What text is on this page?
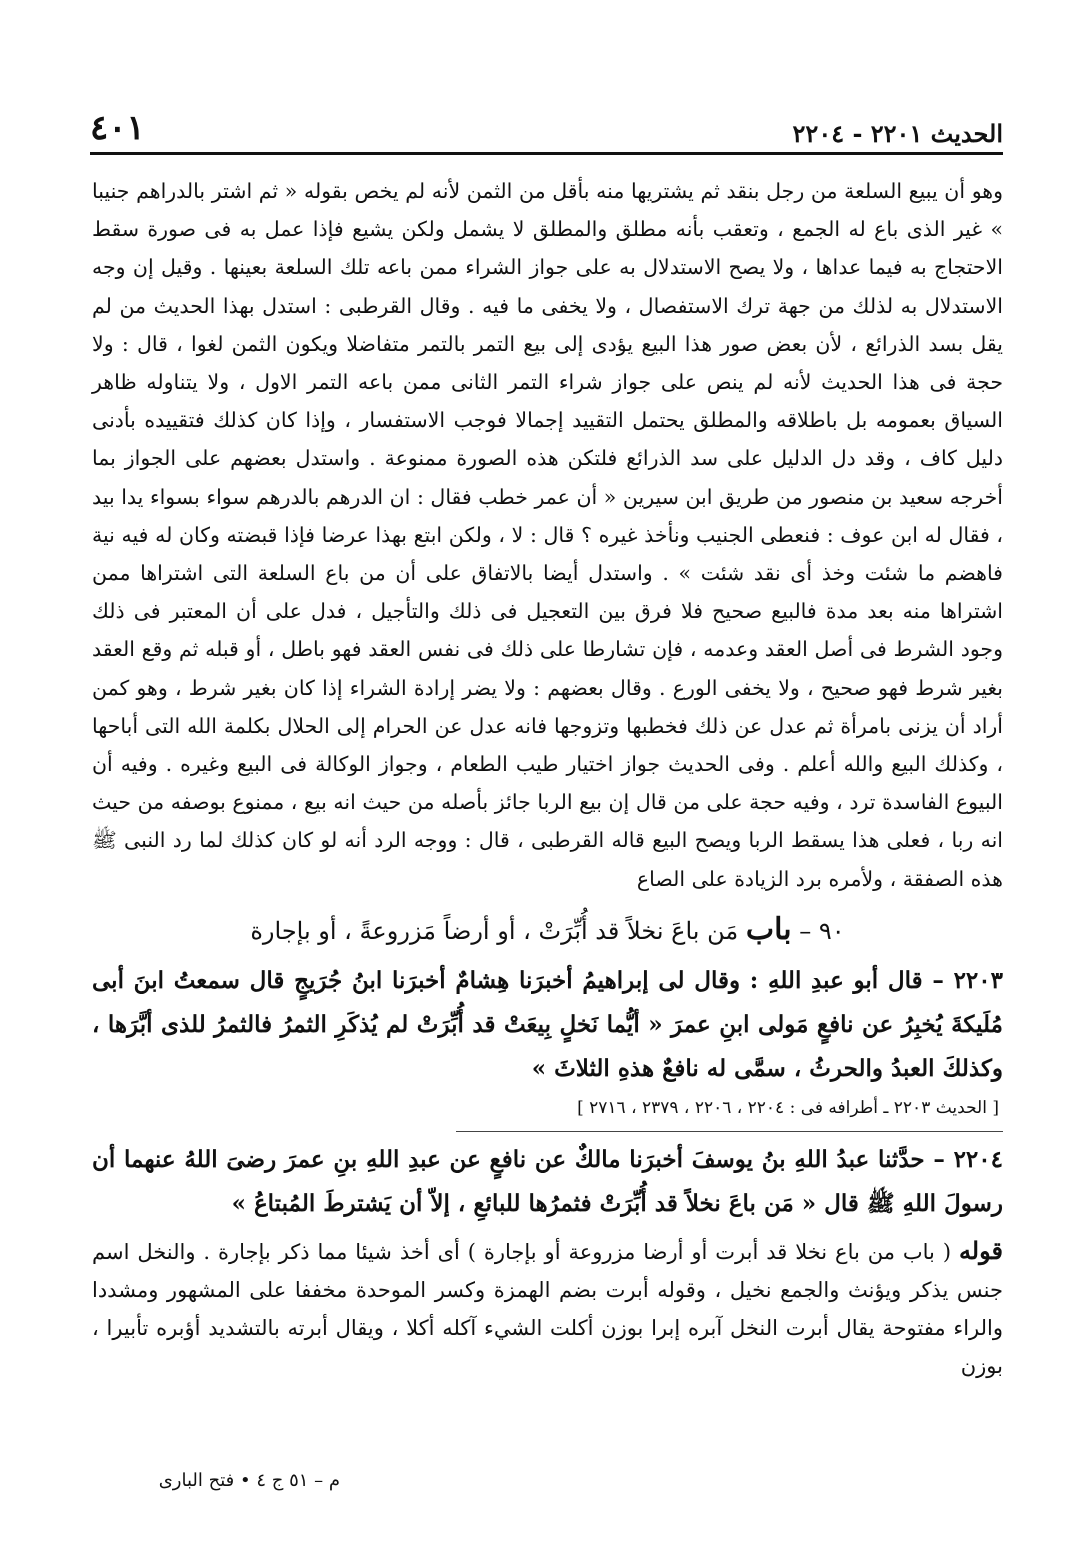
الحديث ٢٢٠١ - ٢٢٠٤
٤٠١

وهو أن يبيع السلعة من رجل بنقد ثم يشتريها منه بأقل من الثمن لأنه لم يخص بقوله « ثم اشتر بالدراهم جنيبا » غير الذى باع له الجمع ، وتعقب بأنه مطلق والمطلق لا يشمل ولكن يشيع فإذا عمل به فى صورة سقط الاحتجاج به فيما عداها ، ولا يصح الاستدلال به على جواز الشراء ممن باعه تلك السلعة بعينها . وقيل إن وجه الاستدلال به لذلك من جهة ترك الاستفصال ، ولا يخفى ما فيه . وقال القرطبى : استدل بهذا الحديث من لم يقل بسد الذرائع ، لأن بعض صور هذا البيع يؤدى إلى بيع التمر بالتمر متفاضلا ويكون الثمن لغوا ، قال : ولا حجة فى هذا الحديث لأنه لم ينص على جواز شراء التمر الثانى ممن باعه التمر الاول ، ولا يتناوله ظاهر السياق بعمومه بل باطلاقه والمطلق يحتمل التقييد إجمالا فوجب الاستفسار ، وإذا كان كذلك فتقييده بأدنى دليل كاف ، وقد دل الدليل على سد الذرائع فلتكن هذه الصورة ممنوعة . واستدل بعضهم على الجواز بما أخرجه سعيد بن منصور من طريق ابن سيرين « أن عمر خطب فقال : ان الدرهم بالدرهم سواء بسواء يدا بيد ، فقال له ابن عوف : فنعطى الجنيب ونأخذ غيره ؟ قال : لا ، ولكن ابتع بهذا عرضا فإذا قبضته وكان له فيه نية فاهضم ما شئت وخذ أى نقد شئت » . واستدل أيضا بالاتفاق على أن من باع السلعة التى اشتراها ممن اشتراها منه بعد مدة فالبيع صحيح فلا فرق بين التعجيل فى ذلك والتأجيل ، فدل على أن المعتبر فى ذلك وجود الشرط فى أصل العقد وعدمه ، فإن تشارطا على ذلك فى نفس العقد فهو باطل ، أو قبله ثم وقع العقد بغير شرط فهو صحيح ، ولا يخفى الورع . وقال بعضهم : ولا يضر إرادة الشراء إذا كان بغير شرط ، وهو كمن أراد أن يزنى بامرأة ثم عدل عن ذلك فخطبها وتزوجها فانه عدل عن الحرام إلى الحلال بكلمة الله التى أباحها ، وكذلك البيع والله أعلم . وفى الحديث جواز اختيار طيب الطعام ، وجواز الوكالة فى البيع وغيره . وفيه أن البيوع الفاسدة ترد ، وفيه حجة على من قال إن بيع الربا جائز بأصله من حيث انه بيع ، ممنوع بوصفه من حيث انه ربا ، فعلى هذا يسقط الربا ويصح البيع قاله القرطبى ، قال : ووجه الرد أنه لو كان كذلك لما رد النبى ﷺ هذه الصفقة ، ولأمره برد الزيادة على الصاع

٩٠ – باب مَن باعَ نخلاً قد أُبِّرَتْ ، أو أرضاً مَزروعةً ، أو بإجارة

٢٢٠٣ – قال أبو عبدِ اللهِ : وقال لى إبراهيمُ أخبرَنا هِشامٌ أخبرَنا ابنُ جُرَيجٍ قال سمعتُ ابنَ أبى مُلَيكةَ يُخبِرُ عن نافعٍ مَولى ابنِ عمرَ « أيُّما نَخلٍ بِيعَتْ قد أُبِّرَتْ لم يُذكَرِ الثمرُ فالثمرُ للذى أبَّرَها ، وكذلكَ العبدُ والحرثُ ، سمَّى له نافعٌ هذهِ الثلاثَ »

[ الحديث ٢٢٠٣ ـ أطرافه فى : ٢٢٠٤ ، ٢٢٠٦ ، ٢٣٧٩ ، ٢٧١٦ ]

٢٢٠٤ – حدَّثنا عبدُ اللهِ بنُ يوسفَ أخبرَنا مالكٌ عن نافعٍ عن عبدِ اللهِ بنِ عمرَ رضىَ اللهُ عنهما أن رسولَ اللهِ ﷺ قال « مَن باعَ نخلاً قد أُبِّرَتْ فثمرُها للبائعِ ، إلاّ أن يَشترطَ المُبتاعُ »

قوله ( باب من باع نخلا قد أبرت أو أرضا مزروعة أو بإجارة ) أى أخذ شيئا مما ذكر بإجارة . والنخل اسم جنس يذكر ويؤنث والجمع نخيل ، وقوله أبرت بضم الهمزة وكسر الموحدة مخففا على المشهور ومشددا والراء مفتوحة يقال أبرت النخل آبره إبرا بوزن أكلت الشيء آكله أكلا ، ويقال أبرته بالتشديد أؤبره تأبيرا ، بوزن

م – ٥١ ج ٤ • فتح البارى
